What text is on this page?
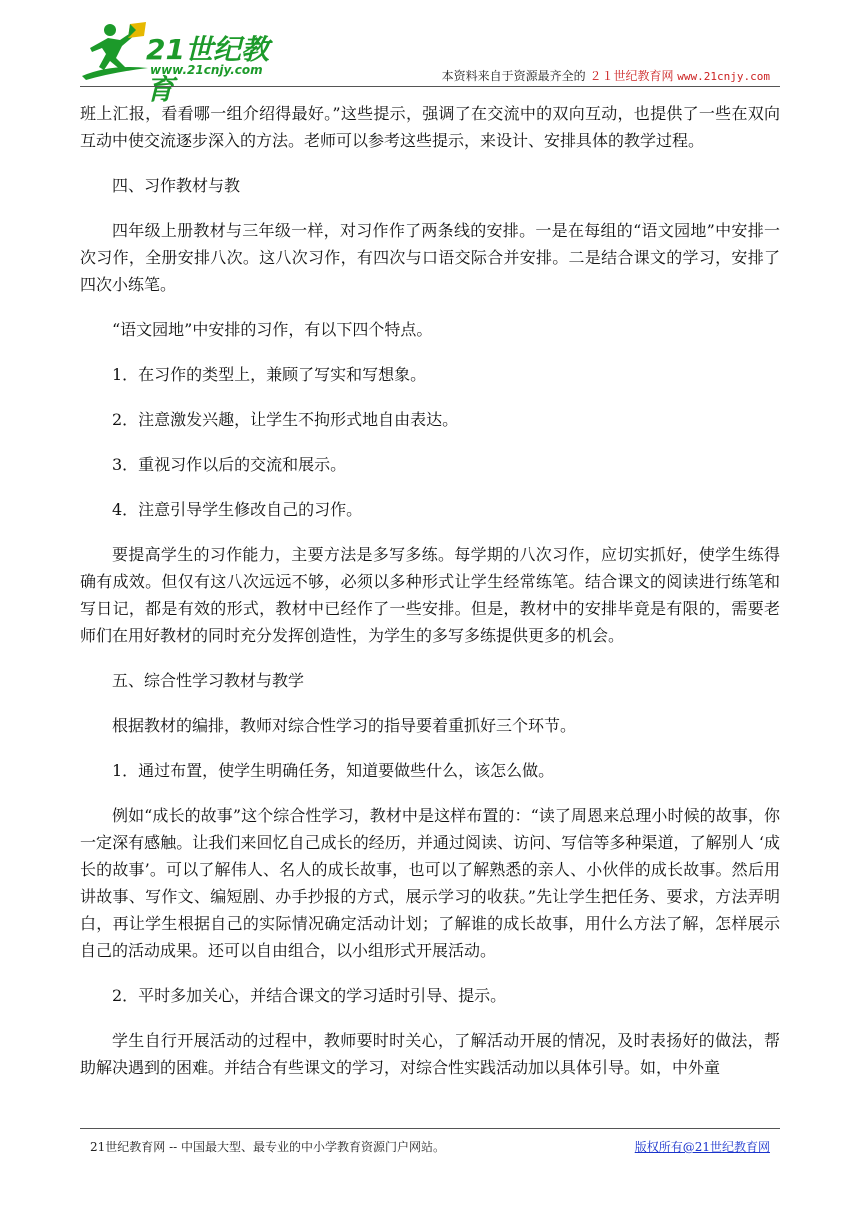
21世纪教育
www.21cnjy.com	本资料来自于资源最齐全的 ２１世纪教育网 www.21cnjy.com

班上汇报，看看哪一组介绍得最好。”这些提示，强调了在交流中的双向互动，也提供了一些在双向互动中使交流逐步深入的方法。老师可以参考这些提示，来设计、安排具体的教学过程。

四、习作教材与教

四年级上册教材与三年级一样，对习作作了两条线的安排。一是在每组的“语文园地”中安排一次习作，全册安排八次。这八次习作，有四次与口语交际合并安排。二是结合课文的学习，安排了四次小练笔。

“语文园地”中安排的习作，有以下四个特点。

1．在习作的类型上，兼顾了写实和写想象。

2．注意激发兴趣，让学生不拘形式地自由表达。

3．重视习作以后的交流和展示。

4．注意引导学生修改自己的习作。

要提高学生的习作能力，主要方法是多写多练。每学期的八次习作，应切实抓好，使学生练得确有成效。但仅有这八次远远不够，必须以多种形式让学生经常练笔。结合课文的阅读进行练笔和写日记，都是有效的形式，教材中已经作了一些安排。但是，教材中的安排毕竟是有限的，需要老师们在用好教材的同时充分发挥创造性，为学生的多写多练提供更多的机会。

五、综合性学习教材与教学

根据教材的编排，教师对综合性学习的指导要着重抓好三个环节。

1．通过布置，使学生明确任务，知道要做些什么，该怎么做。

例如“成长的故事”这个综合性学习，教材中是这样布置的：“读了周恩来总理小时候的故事，你一定深有感触。让我们来回忆自己成长的经历，并通过阅读、访问、写信等多种渠道，了解别人 ‘成长的故事’。可以了解伟人、名人的成长故事，也可以了解熟悉的亲人、小伙伴的成长故事。然后用讲故事、写作文、编短剧、办手抄报的方式，展示学习的收获。”先让学生把任务、要求，方法弄明白，再让学生根据自己的实际情况确定活动计划；了解谁的成长故事，用什么方法了解，怎样展示自己的活动成果。还可以自由组合，以小组形式开展活动。

2．平时多加关心，并结合课文的学习适时引导、提示。

学生自行开展活动的过程中，教师要时时关心，了解活动开展的情况，及时表扬好的做法，帮助解决遇到的困难。并结合有些课文的学习，对综合性实践活动加以具体引导。如，中外童

21世纪教育网 -- 中国最大型、最专业的中小学教育资源门户网站。	版权所有@21世纪教育网
